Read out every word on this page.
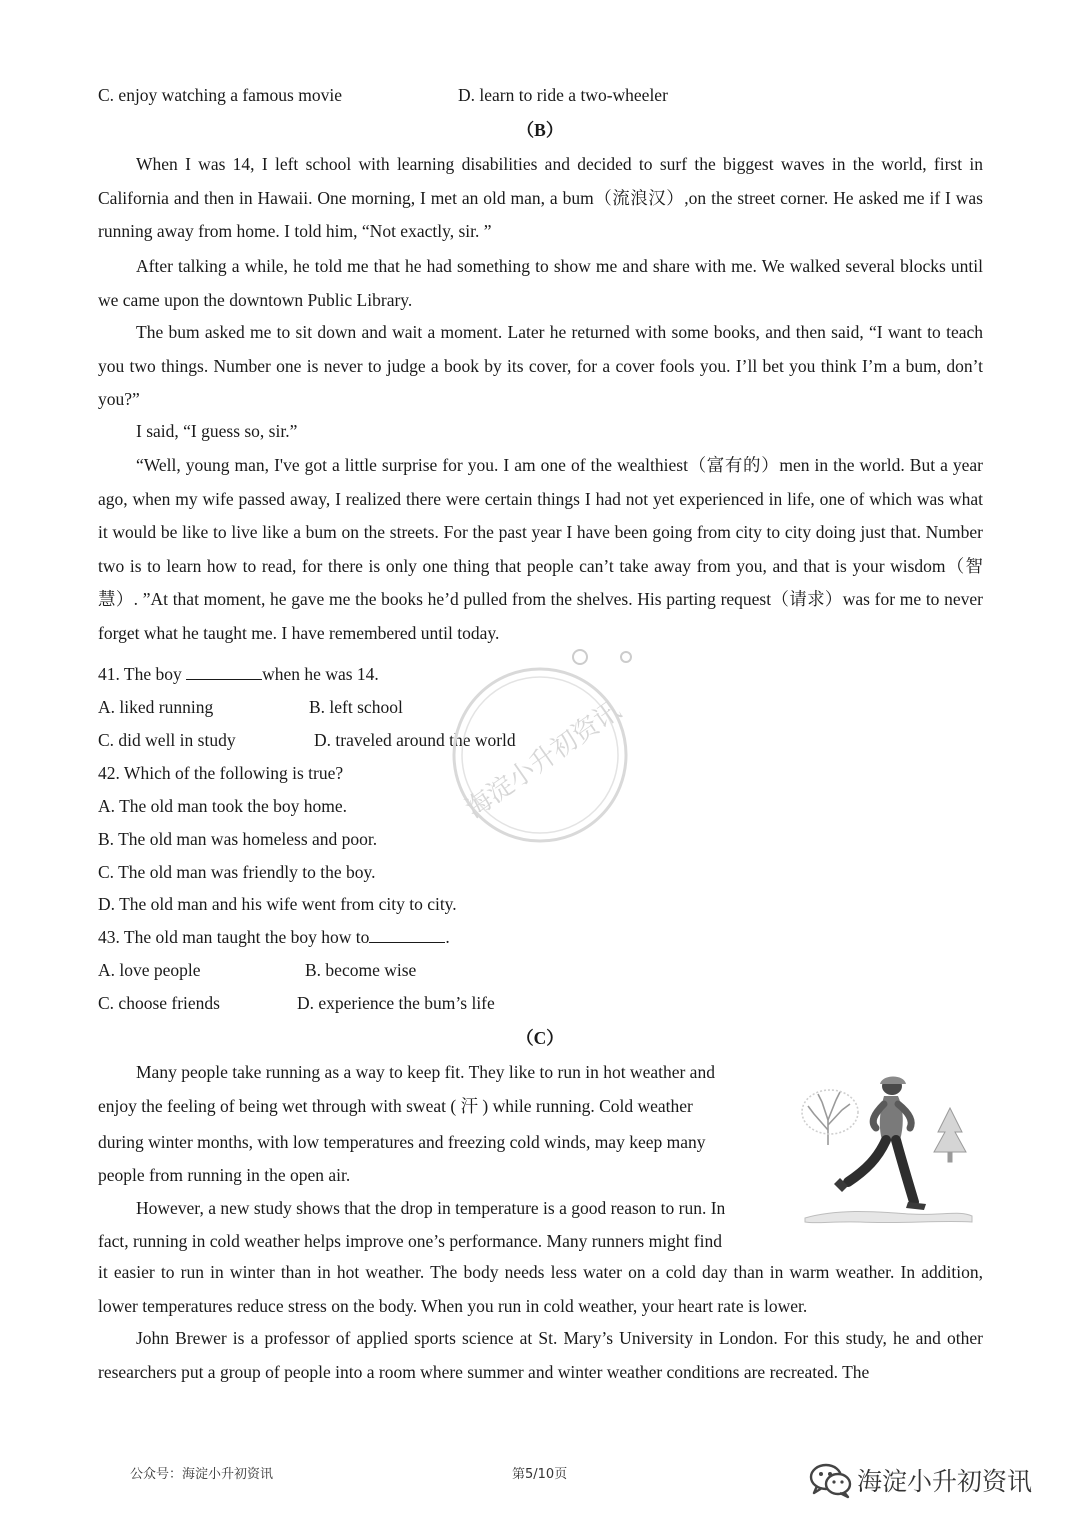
C. enjoy watching a famous movie	D. learn to ride a two-wheeler
（B）
When I was 14, I left school with learning disabilities and decided to surf the biggest waves in the world, first in California and then in Hawaii. One morning, I met an old man, a bum（流浪汉）,on the street corner. He asked me if I was running away from home. I told him, “Not exactly, sir. ”
After talking a while, he told me that he had something to show me and share with me. We walked several blocks until we came upon the downtown Public Library.
The bum asked me to sit down and wait a moment. Later he returned with some books, and then said, “I want to teach you two things. Number one is never to judge a book by its cover, for a cover fools you. I’ll bet you think I’m a bum, don’t you?”
I said, “I guess so, sir.”
“Well, young man, I've got a little surprise for you. I am one of the wealthiest（富有的）men in the world. But a year ago, when my wife passed away, I realized there were certain things I had not yet experienced in life, one of which was what it would be like to live like a bum on the streets. For the past year I have been going from city to city doing just that. Number two is to learn how to read, for there is only one thing that people can’t take away from you, and that is your wisdom（智慧）. ”At that moment, he gave me the books he’d pulled from the shelves. His parting request（请求）was for me to never forget what he taught me. I have remembered until today.
41. The boy	when he was 14.
A. liked running	B. left school
C. did well in study	D. traveled around the world
42. Which of the following is true?
A. The old man took the boy home.
B. The old man was homeless and poor.
C. The old man was friendly to the boy.
D. The old man and his wife went from city to city.
43. The old man taught the boy how to	.
A. love people	B. become wise
C. choose friends	D. experience the bum’s life
海淀小升初资讯
（C）
Many people take running as a way to keep fit. They like to run in hot weather and
enjoy the feeling of being wet through with sweat ( 汗 ) while running. Cold weather
during winter months, with low temperatures and freezing cold winds, may keep many
people from running in the open air.
However, a new study shows that the drop in temperature is a good reason to run. In
fact, running in cold weather helps improve one’s performance. Many runners might find
it easier to run in winter than in hot weather. The body needs less water on a cold day than in warm weather. In addition, lower temperatures reduce stress on the body. When you run in cold weather, your heart rate is lower.
John Brewer is a professor of applied sports science at St. Mary’s University in London. For this study, he and other researchers put a group of people into a room where summer and winter weather conditions are recreated. The
公众号：海淀小升初资讯	第5/10页	海淀小升初资讯
